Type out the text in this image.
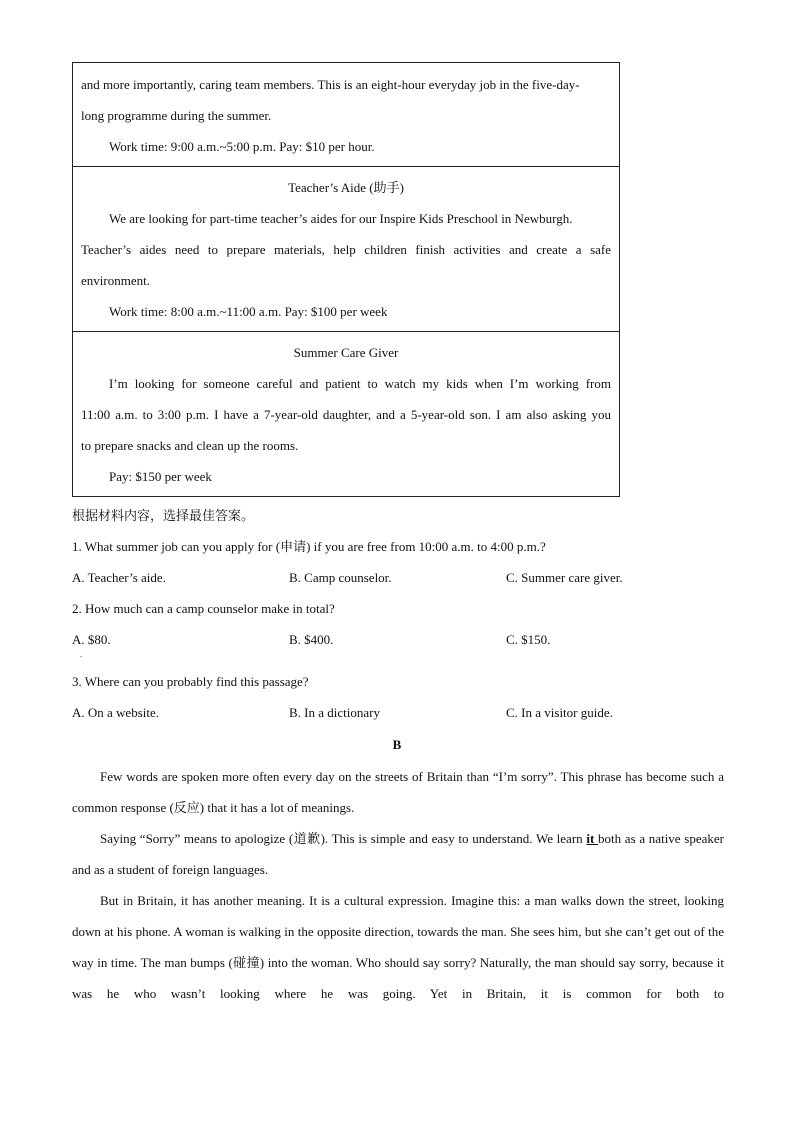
and more importantly, caring team members. This is an eight-hour everyday job in the five-day-

long programme during the summer.

Work time: 9:00 a.m.~5:00 p.m. Pay: $10 per hour.

Teacher’s Aide (助手)

We are looking for part-time teacher’s aides for our Inspire Kids Preschool in Newburgh.

Teacher’s aides need to prepare materials, help children finish activities and create a safe

environment.

Work time: 8:00 a.m.~11:00 a.m. Pay: $100 per week

Summer Care Giver

I’m looking for someone careful and patient to watch my kids when I’m working from

11:00 a.m. to 3:00 p.m. I have a 7-year-old daughter, and a 5-year-old son. I am also asking you

to prepare snacks and clean up the rooms.

Pay: $150 per week

根据材料内容，选择最佳答案。

1. What summer job can you apply for (申请) if you are free from 10:00 a.m. to 4:00 p.m.?

A. Teacher’s aide.	B. Camp counselor.	C. Summer care giver.

2. How much can a camp counselor make in total?

A. $80.	B. $400.	C. $150.

3. Where can you probably find this passage?

A. On a website.	B. In a dictionary	C. In a visitor guide.
.
B

Few words are spoken more often every day on the streets of Britain than “I’m sorry”. This phrase has become such a common response (反应) that it has a lot of meanings.

Saying “Sorry” means to apologize (道歉). This is simple and easy to understand. We learn it both as a native speaker and as a student of foreign languages.

But in Britain, it has another meaning. It is a cultural expression. Imagine this: a man walks down the street, looking down at his phone. A woman is walking in the opposite direction, towards the man. She sees him, but she can’t get out of the way in time. The man bumps (碰撞) into the woman. Who should say sorry? Naturally, the man should say sorry, because it was he who wasn’t looking where he was going. Yet in Britain, it is common for both to
